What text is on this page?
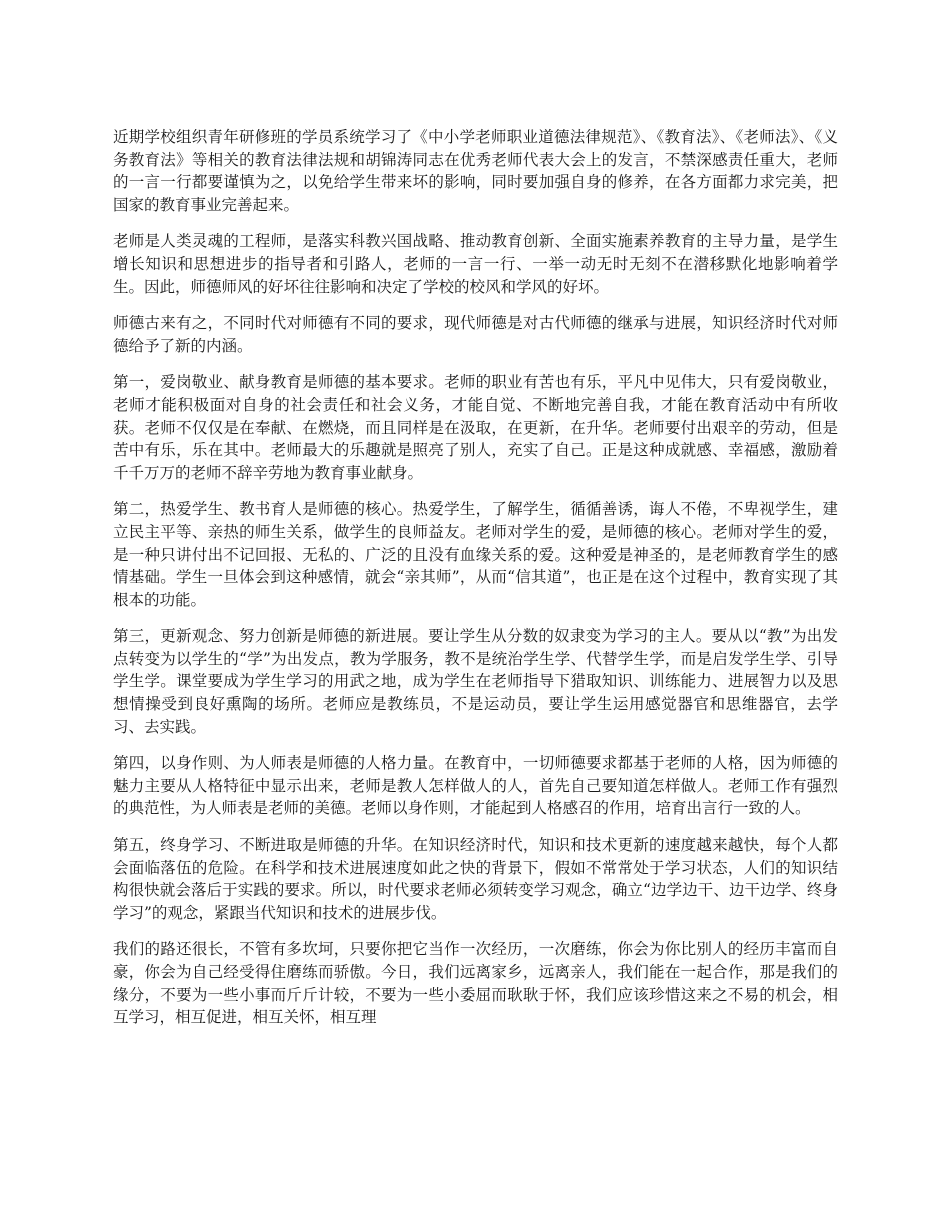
近期学校组织青年研修班的学员系统学习了《中小学老师职业道德法律规范》、《教育法》、《老师法》、《义务教育法》等相关的教育法律法规和胡锦涛同志在优秀老师代表大会上的发言，不禁深感责任重大，老师的一言一行都要谨慎为之，以免给学生带来坏的影响，同时要加强自身的修养，在各方面都力求完美，把国家的教育事业完善起来。

老师是人类灵魂的工程师，是落实科教兴国战略、推动教育创新、全面实施素养教育的主导力量，是学生增长知识和思想进步的指导者和引路人，老师的一言一行、一举一动无时无刻不在潜移默化地影响着学生。因此，师德师风的好坏往往影响和决定了学校的校风和学风的好坏。

师德古来有之，不同时代对师德有不同的要求，现代师德是对古代师德的继承与进展，知识经济时代对师德给予了新的内涵。

第一，爱岗敬业、献身教育是师德的基本要求。老师的职业有苦也有乐，平凡中见伟大，只有爱岗敬业，老师才能积极面对自身的社会责任和社会义务，才能自觉、不断地完善自我，才能在教育活动中有所收获。老师不仅仅是在奉献、在燃烧，而且同样是在汲取，在更新，在升华。老师要付出艰辛的劳动，但是苦中有乐，乐在其中。老师最大的乐趣就是照亮了别人，充实了自己。正是这种成就感、幸福感，激励着千千万万的老师不辞辛劳地为教育事业献身。

第二，热爱学生、教书育人是师德的核心。热爱学生，了解学生，循循善诱，诲人不倦，不卑视学生，建立民主平等、亲热的师生关系，做学生的良师益友。老师对学生的爱，是师德的核心。老师对学生的爱，是一种只讲付出不记回报、无私的、广泛的且没有血缘关系的爱。这种爱是神圣的，是老师教育学生的感情基础。学生一旦体会到这种感情，就会“亲其师”，从而“信其道”，也正是在这个过程中，教育实现了其根本的功能。

第三，更新观念、努力创新是师德的新进展。要让学生从分数的奴隶变为学习的主人。要从以“教”为出发点转变为以学生的“学”为出发点，教为学服务，教不是统治学生学、代替学生学，而是启发学生学、引导学生学。课堂要成为学生学习的用武之地，成为学生在老师指导下猎取知识、训练能力、进展智力以及思想情操受到良好熏陶的场所。老师应是教练员，不是运动员，要让学生运用感觉器官和思维器官，去学习、去实践。

第四，以身作则、为人师表是师德的人格力量。在教育中，一切师德要求都基于老师的人格，因为师德的魅力主要从人格特征中显示出来，老师是教人怎样做人的人，首先自己要知道怎样做人。老师工作有强烈的典范性，为人师表是老师的美德。老师以身作则，才能起到人格感召的作用，培育出言行一致的人。

第五，终身学习、不断进取是师德的升华。在知识经济时代，知识和技术更新的速度越来越快，每个人都会面临落伍的危险。在科学和技术进展速度如此之快的背景下，假如不常常处于学习状态，人们的知识结构很快就会落后于实践的要求。所以，时代要求老师必须转变学习观念，确立“边学边干、边干边学、终身学习”的观念，紧跟当代知识和技术的进展步伐。

我们的路还很长，不管有多坎坷，只要你把它当作一次经历，一次磨练，你会为你比别人的经历丰富而自豪，你会为自己经受得住磨练而骄傲。今日，我们远离家乡，远离亲人，我们能在一起合作，那是我们的缘分，不要为一些小事而斤斤计较，不要为一些小委屈而耿耿于怀，我们应该珍惜这来之不易的机会，相互学习，相互促进，相互关怀，相互理
